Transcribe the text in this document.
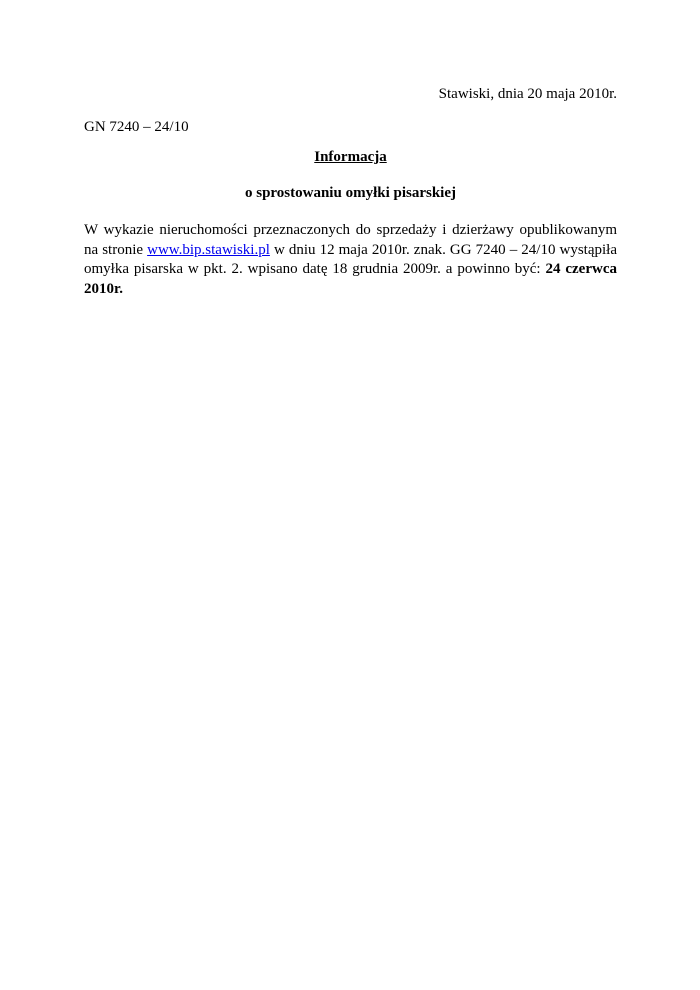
Stawiski, dnia 20 maja 2010r.
GN 7240 – 24/10
Informacja
o sprostowaniu omyłki pisarskiej
W wykazie nieruchomości przeznaczonych do sprzedaży i dzierżawy opublikowanym na stronie www.bip.stawiski.pl w dniu 12 maja 2010r. znak. GG 7240 – 24/10 wystąpiła omyłka pisarska w pkt. 2. wpisano datę 18 grudnia 2009r. a powinno być: 24 czerwca 2010r.
